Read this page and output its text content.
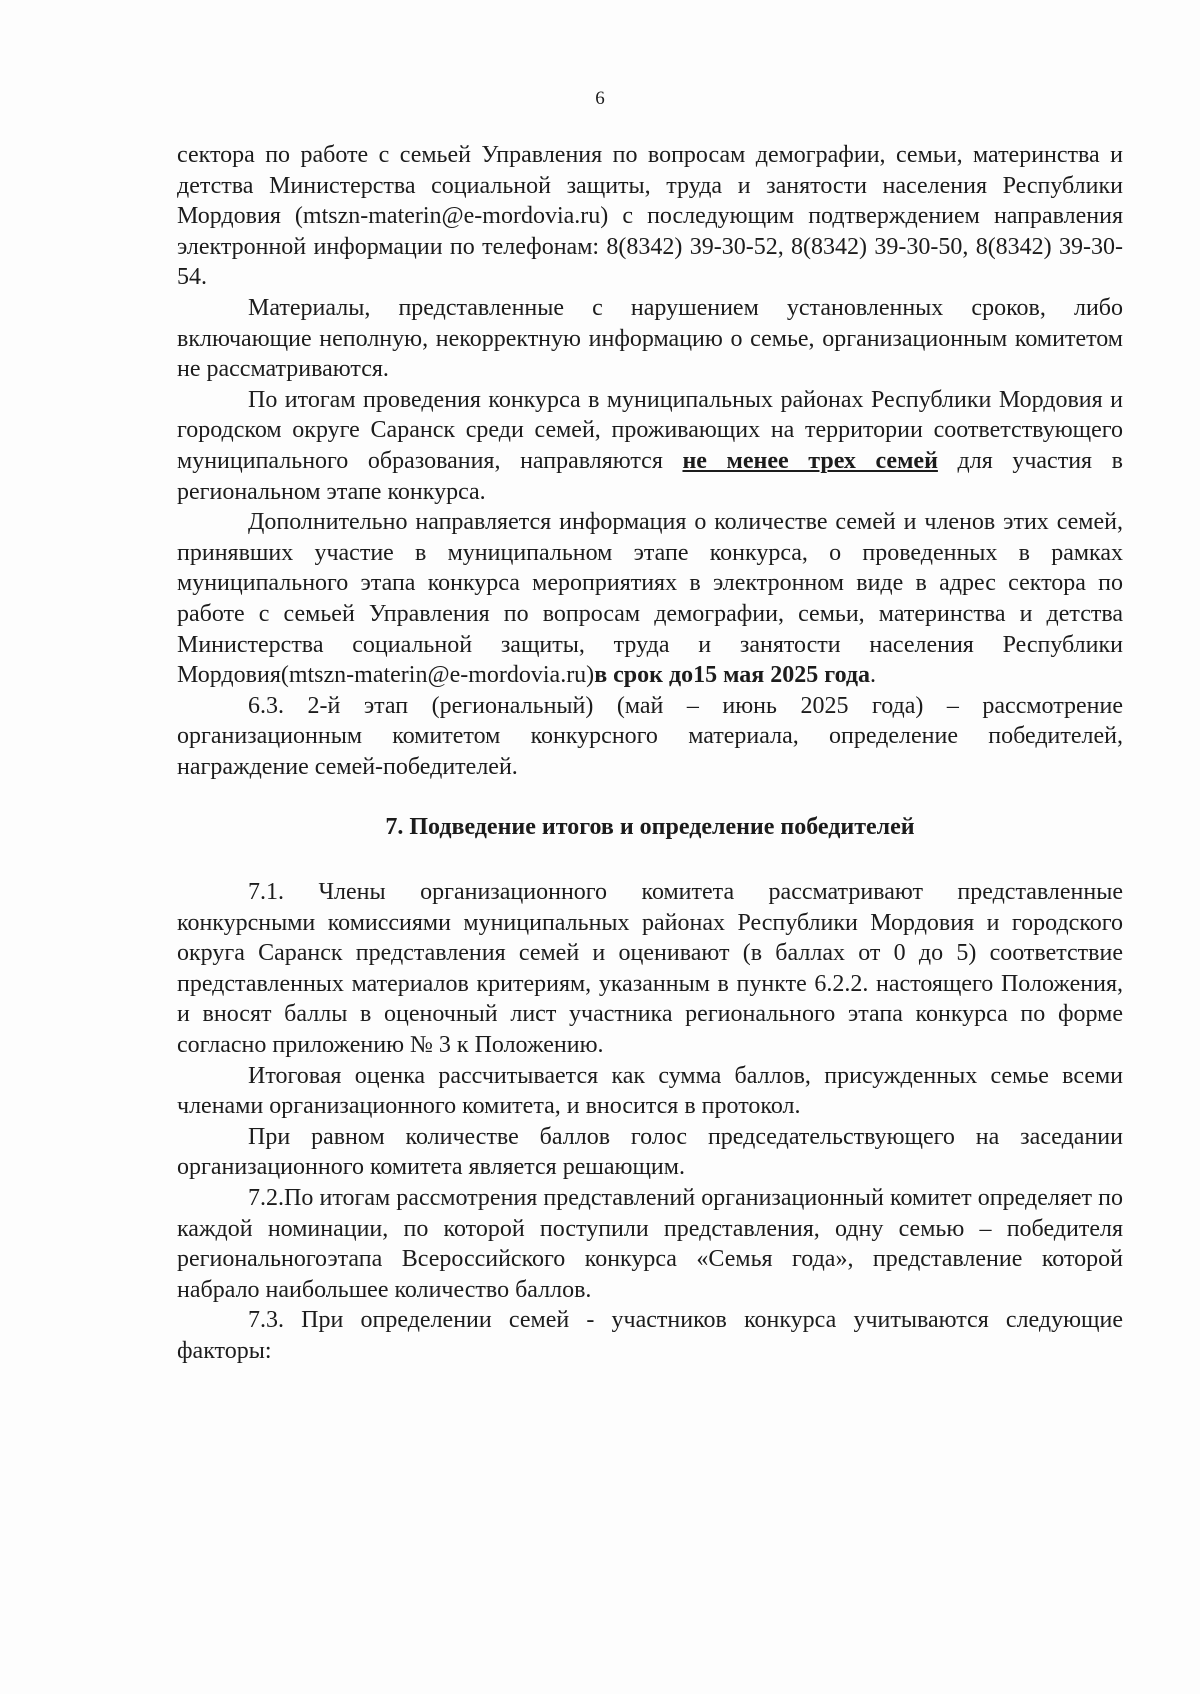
6

сектора по работе с семьей Управления по вопросам демографии, семьи, материнства и детства Министерства социальной защиты, труда и занятости населения Республики Мордовия (mtszn-materin@e-mordovia.ru) с последующим подтверждением направления электронной информации по телефонам: 8(8342) 39-30-52, 8(8342) 39-30-50, 8(8342) 39-30-54.

Материалы, представленные с нарушением установленных сроков, либо включающие неполную, некорректную информацию о семье, организационным комитетом не рассматриваются.

По итогам проведения конкурса в муниципальных районах Республики Мордовия и городском округе Саранск среди семей, проживающих на территории соответствующего муниципального образования, направляются не менее трех семей для участия в региональном этапе конкурса.

Дополнительно направляется информация о количестве семей и членов этих семей, принявших участие в муниципальном этапе конкурса, о проведенных в рамках муниципального этапа конкурса мероприятиях в электронном виде в адрес сектора по работе с семьей Управления по вопросам демографии, семьи, материнства и детства Министерства социальной защиты, труда и занятости населения Республики Мордовия(mtszn-materin@e-mordovia.ru)в срок до15 мая 2025 года.

6.3. 2-й этап (региональный) (май – июнь 2025 года) – рассмотрение организационным комитетом конкурсного материала, определение победителей, награждение семей-победителей.

7. Подведение итогов и определение победителей

7.1. Члены организационного комитета рассматривают представленные конкурсными комиссиями муниципальных районах Республики Мордовия и городского округа Саранск представления семей и оценивают (в баллах от 0 до 5) соответствие представленных материалов критериям, указанным в пункте 6.2.2. настоящего Положения, и вносят баллы в оценочный лист участника регионального этапа конкурса по форме согласно приложению № 3 к Положению.

Итоговая оценка рассчитывается как сумма баллов, присужденных семье всеми членами организационного комитета, и вносится в протокол.

При равном количестве баллов голос председательствующего на заседании организационного комитета является решающим.

7.2.По итогам рассмотрения представлений организационный комитет определяет по каждой номинации, по которой поступили представления, одну семью – победителя региональногоэтапа Всероссийского конкурса «Семья года», представление которой набрало наибольшее количество баллов.

7.3. При определении семей - участников конкурса учитываются следующие факторы:
